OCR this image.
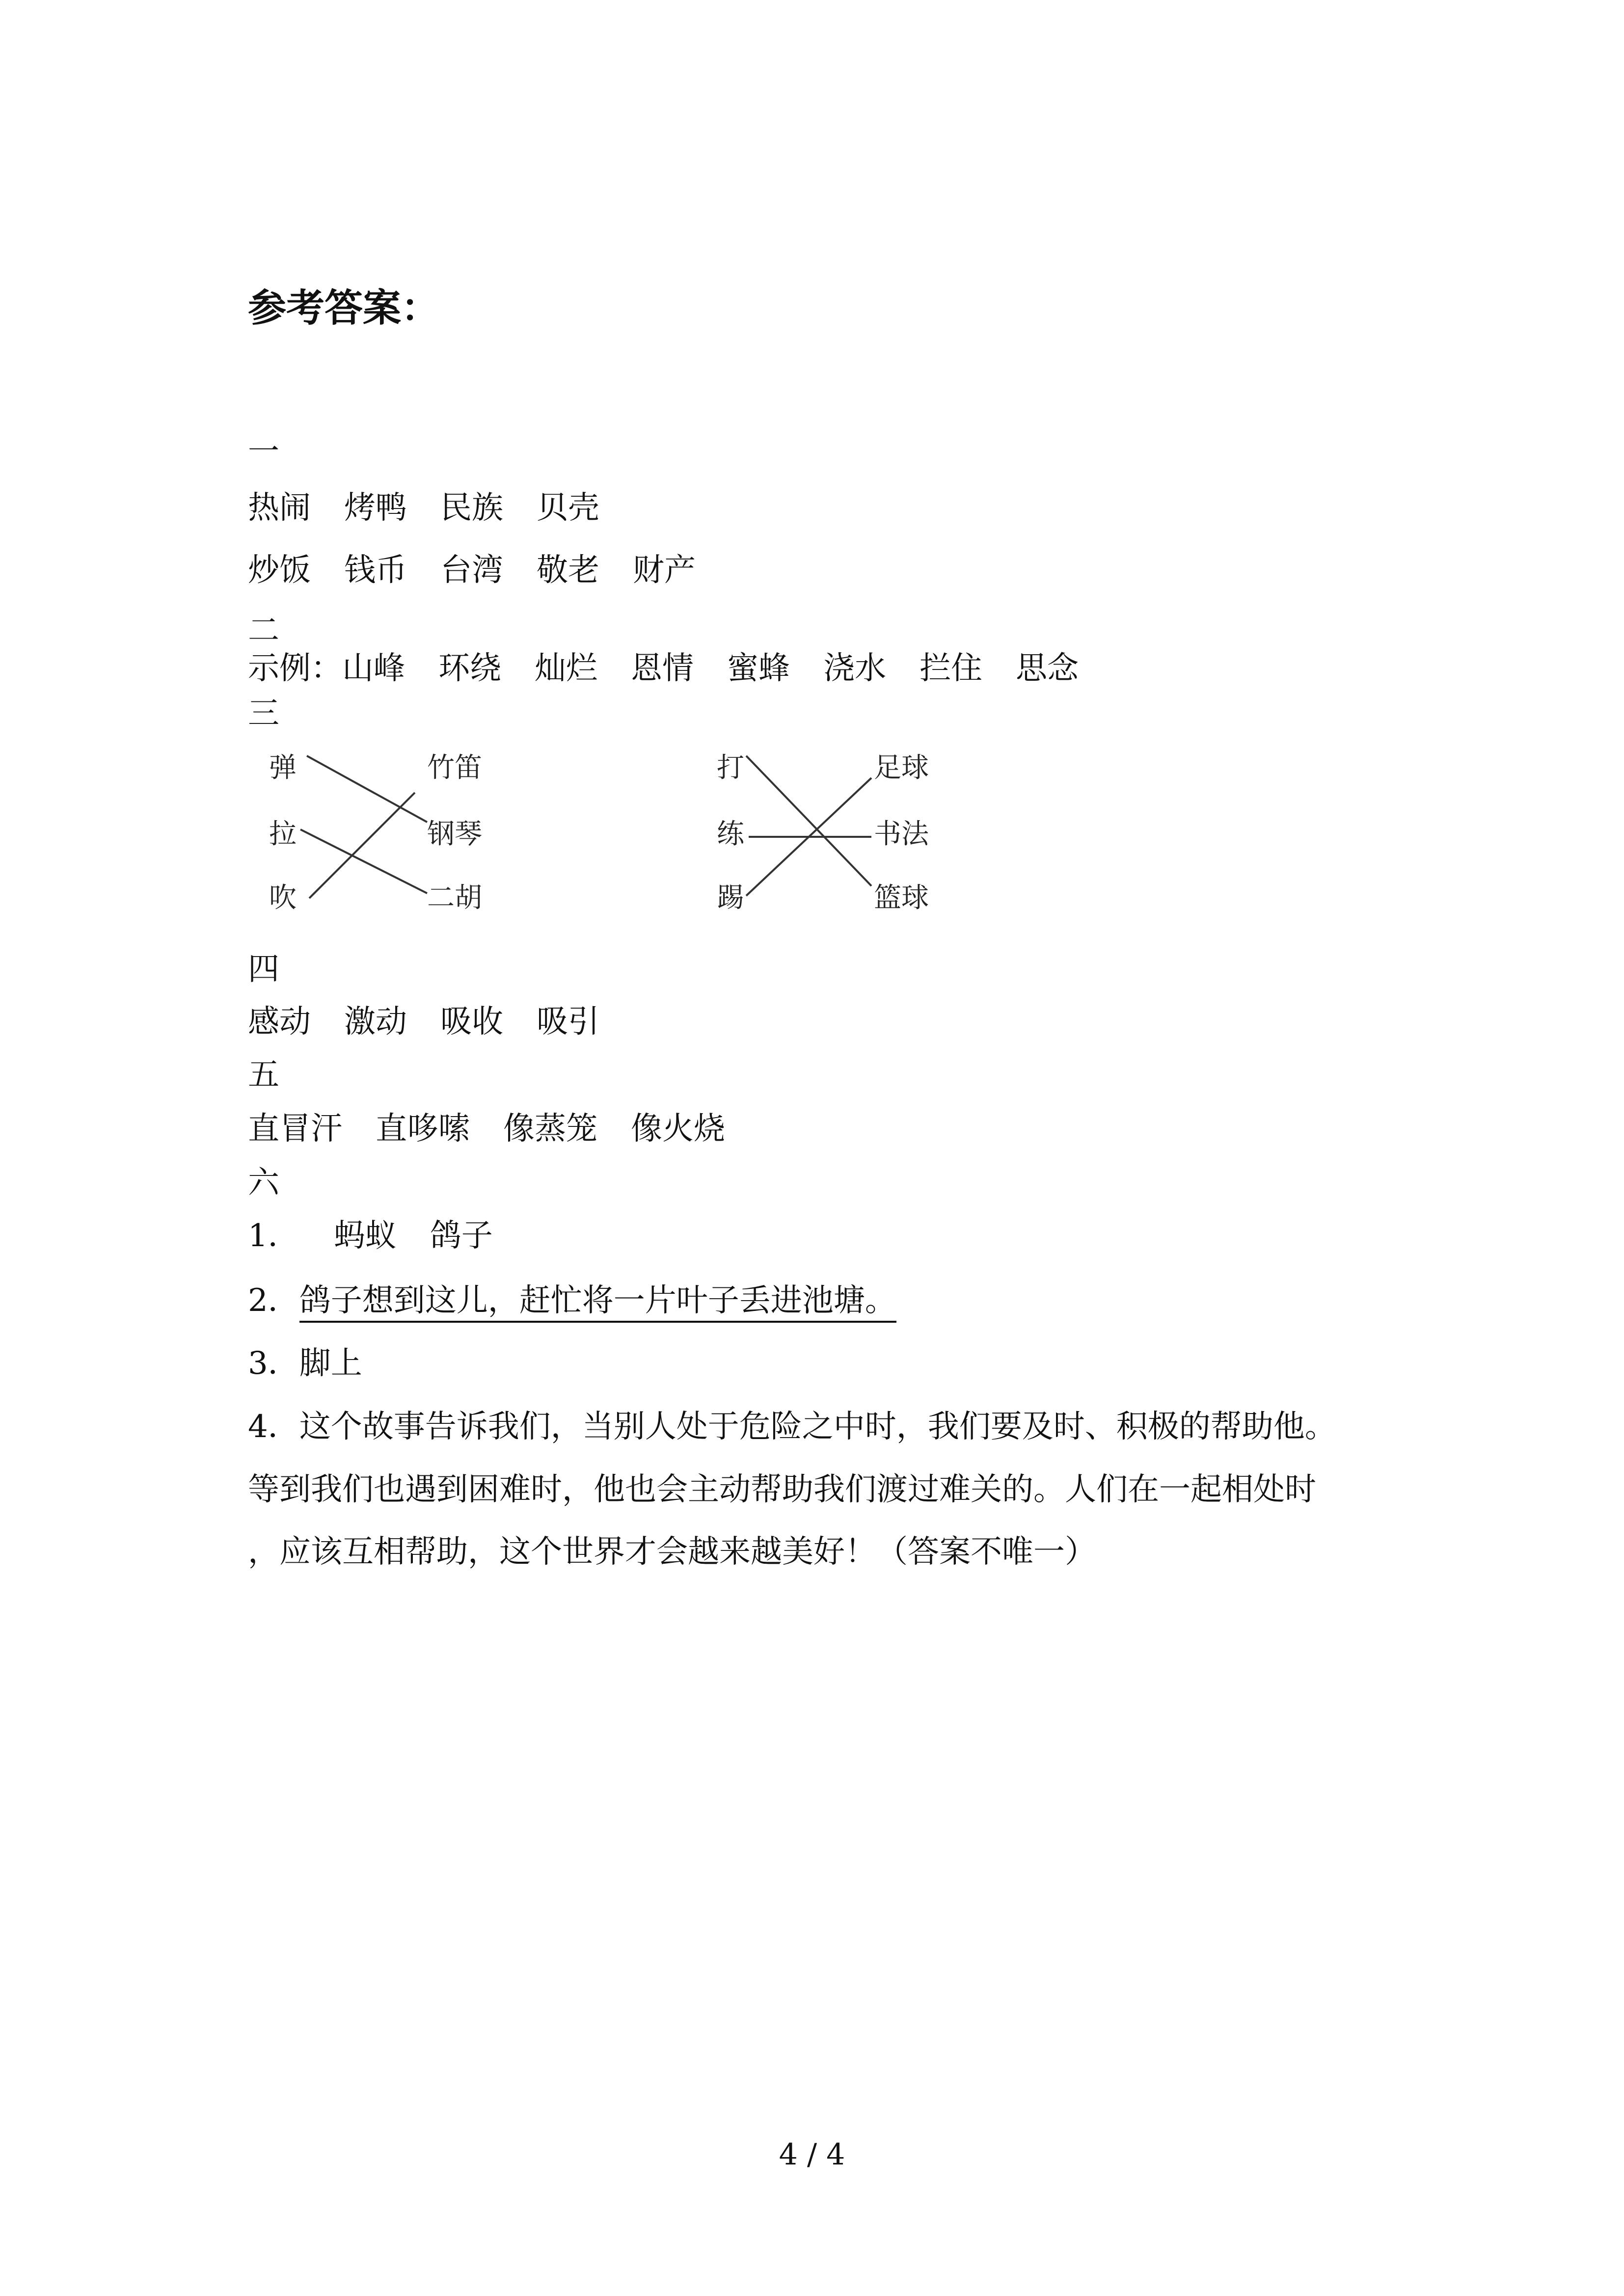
参考答案：
一
热闹 烤鸭 民族 贝壳
炒饭 钱币 台湾 敬老 财产
二
示例：山峰 环绕 灿烂 恩情 蜜蜂 浇水 拦住 思念
三
弹
拉
吹
竹笛
钢琴
二胡
打
练
踢
足球
书法
篮球
四
感动 激动 吸收 吸引
五
直冒汗 直哆嗦 像蒸笼 像火烧
六
1． 蚂蚁 鸽子
2．鸽子想到这儿，赶忙将一片叶子丢进池塘。
3．脚上
4．这个故事告诉我们，当别人处于危险之中时，我们要及时、积极的帮助他。
等到我们也遇到困难时，他也会主动帮助我们渡过难关的。人们在一起相处时
，应该互相帮助，这个世界才会越来越美好！（答案不唯一）
4 / 4
